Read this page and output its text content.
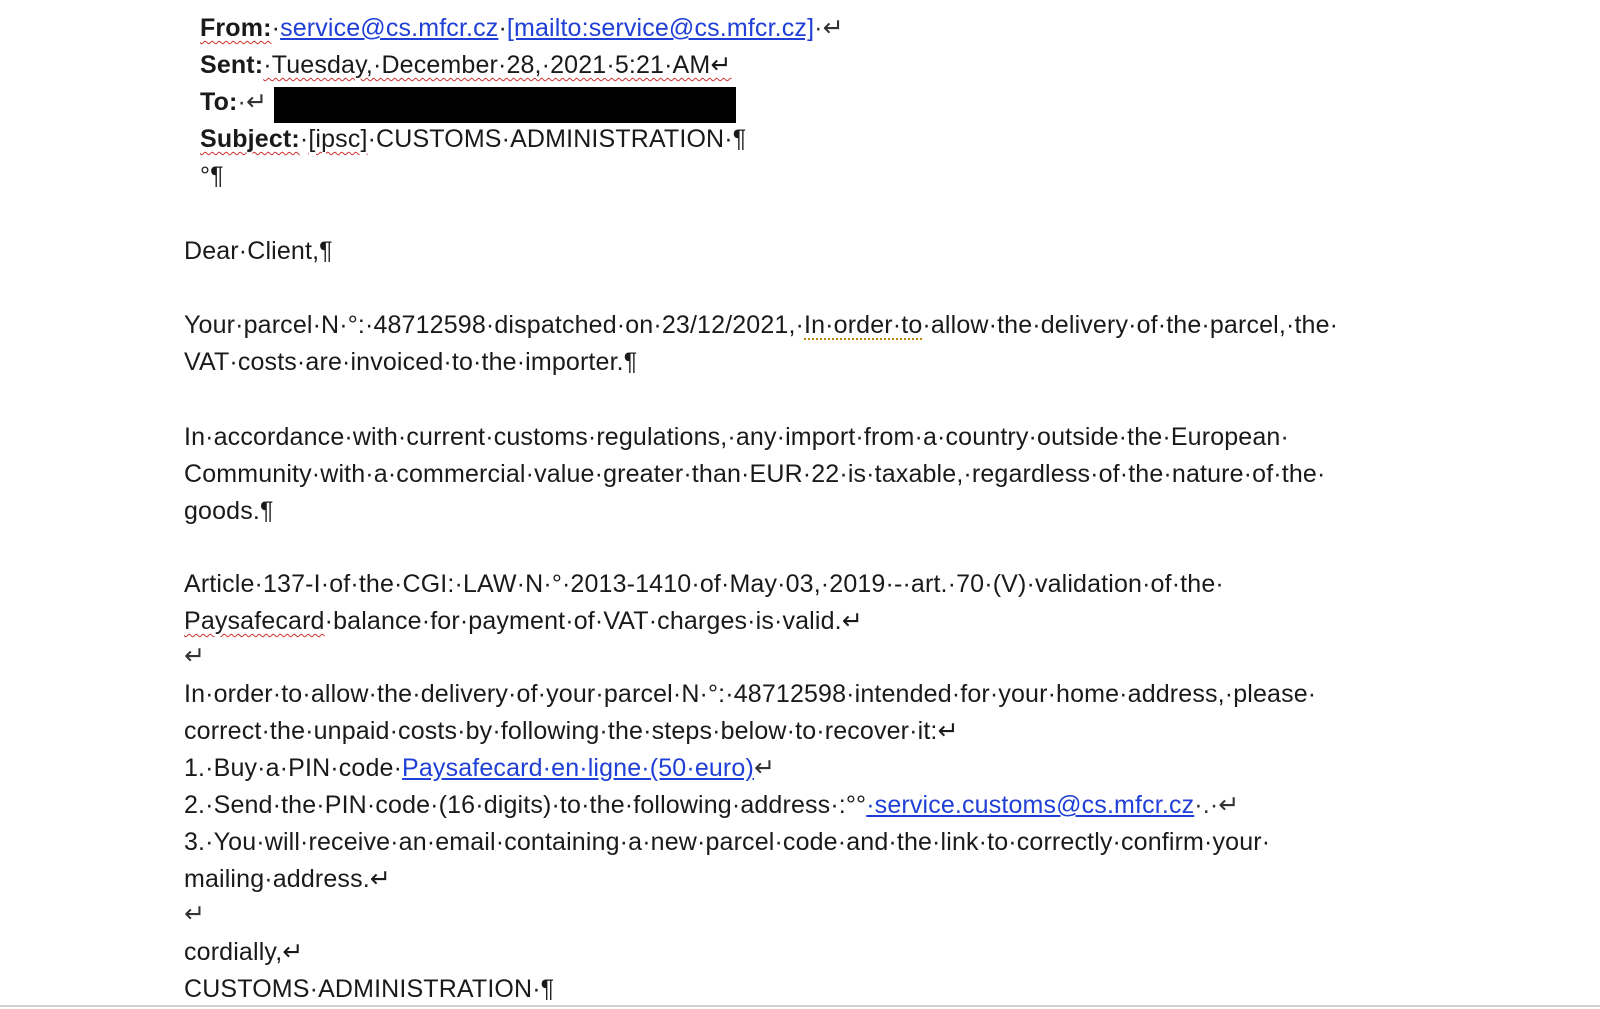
From:·service@cs.mfcr.cz·[mailto:service@cs.mfcr.cz]·↵
Sent:·Tuesday,·December·28,·2021·5:21·AM↵
To:·↵
Subject:·[ipsc]·CUSTOMS·ADMINISTRATION·¶
°¶
Dear·Client,¶
Your·parcel·N·°:·48712598·dispatched·on·23/12/2021,·In·order·to·allow·the·delivery·of·the·parcel,·the·
VAT·costs·are·invoiced·to·the·importer.¶
In·accordance·with·current·customs·regulations,·any·import·from·a·country·outside·the·European·
Community·with·a·commercial·value·greater·than·EUR·22·is·taxable,·regardless·of·the·nature·of·the·
goods.¶
Article·137-I·of·the·CGI:·LAW·N·°·2013-1410·of·May·03,·2019·-·art.·70·(V)·validation·of·the·
Paysafecard·balance·for·payment·of·VAT·charges·is·valid.↵
↵
In·order·to·allow·the·delivery·of·your·parcel·N·°:·48712598·intended·for·your·home·address,·please·
correct·the·unpaid·costs·by·following·the·steps·below·to·recover·it:↵
1.·Buy·a·PIN·code·Paysafecard·en·ligne·(50·euro)↵
2.·Send·the·PIN·code·(16·digits)·to·the·following·address·:°°·service.customs@cs.mfcr.cz·.·↵
3.·You·will·receive·an·email·containing·a·new·parcel·code·and·the·link·to·correctly·confirm·your·
mailing·address.↵
↵
cordially,↵
CUSTOMS·ADMINISTRATION·¶
